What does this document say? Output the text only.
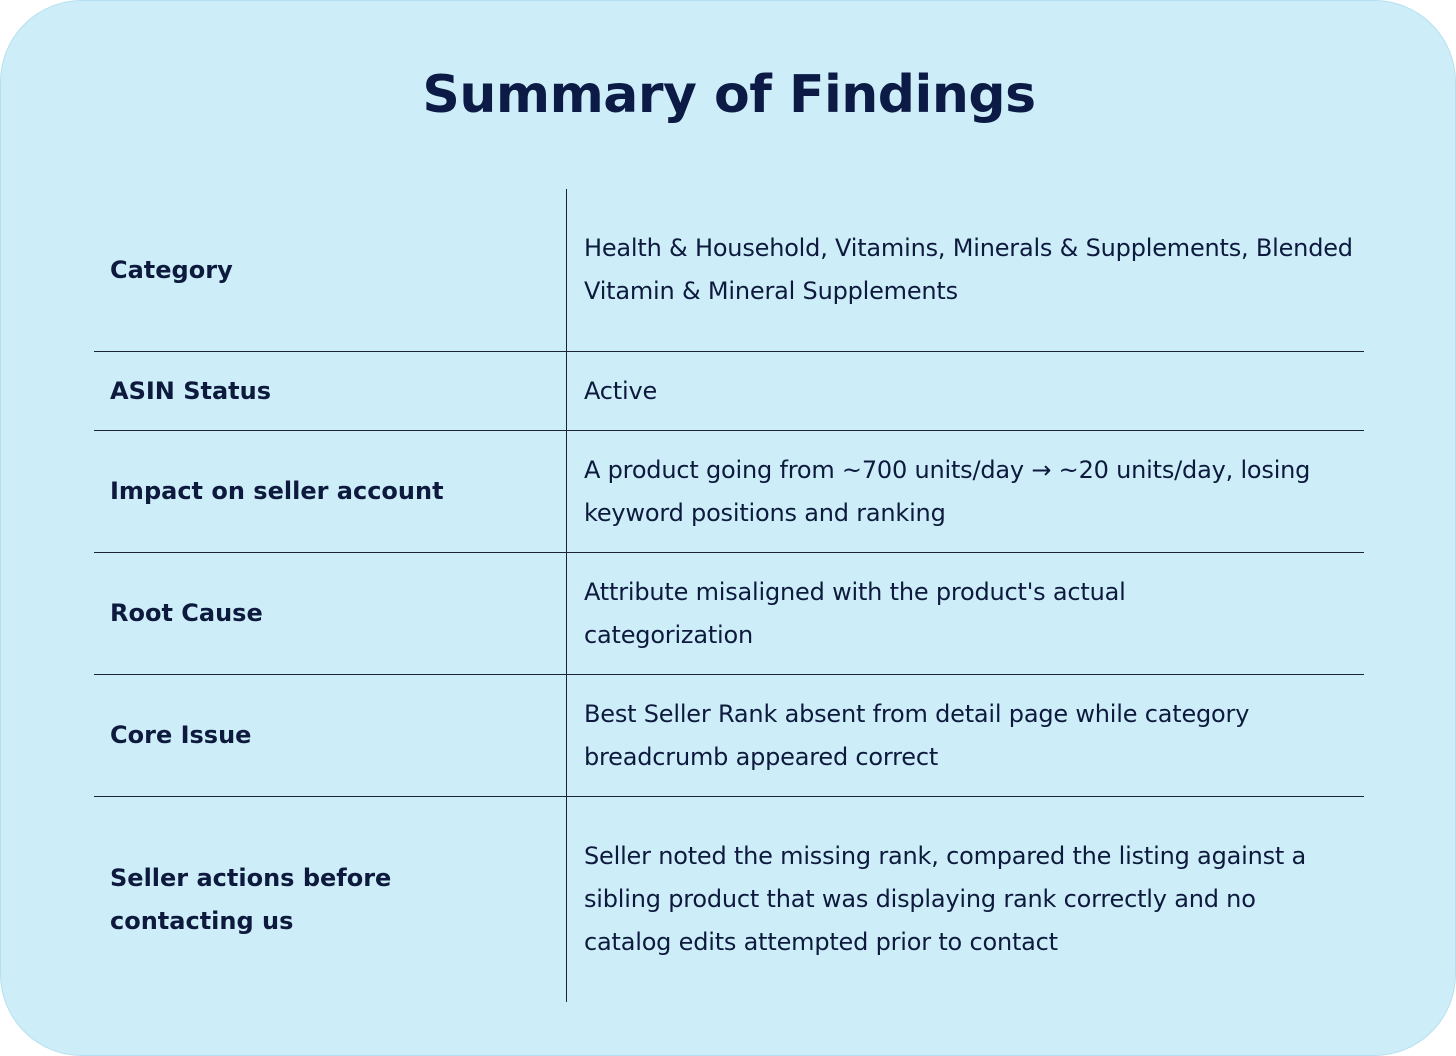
Summary of Findings
Category
Health & Household, Vitamins, Minerals & Supplements, Blended Vitamin & Mineral Supplements
ASIN Status	Active
Impact on seller account
A product going from ~700 units/day → ~20 units/day, losing keyword positions and ranking
Root Cause
Attribute misaligned with the product's actual categorization
Core Issue
Best Seller Rank absent from detail page while category breadcrumb appeared correct
Seller actions before contacting us
Seller noted the missing rank, compared the listing against a sibling product that was displaying rank correctly and no catalog edits attempted prior to contact
